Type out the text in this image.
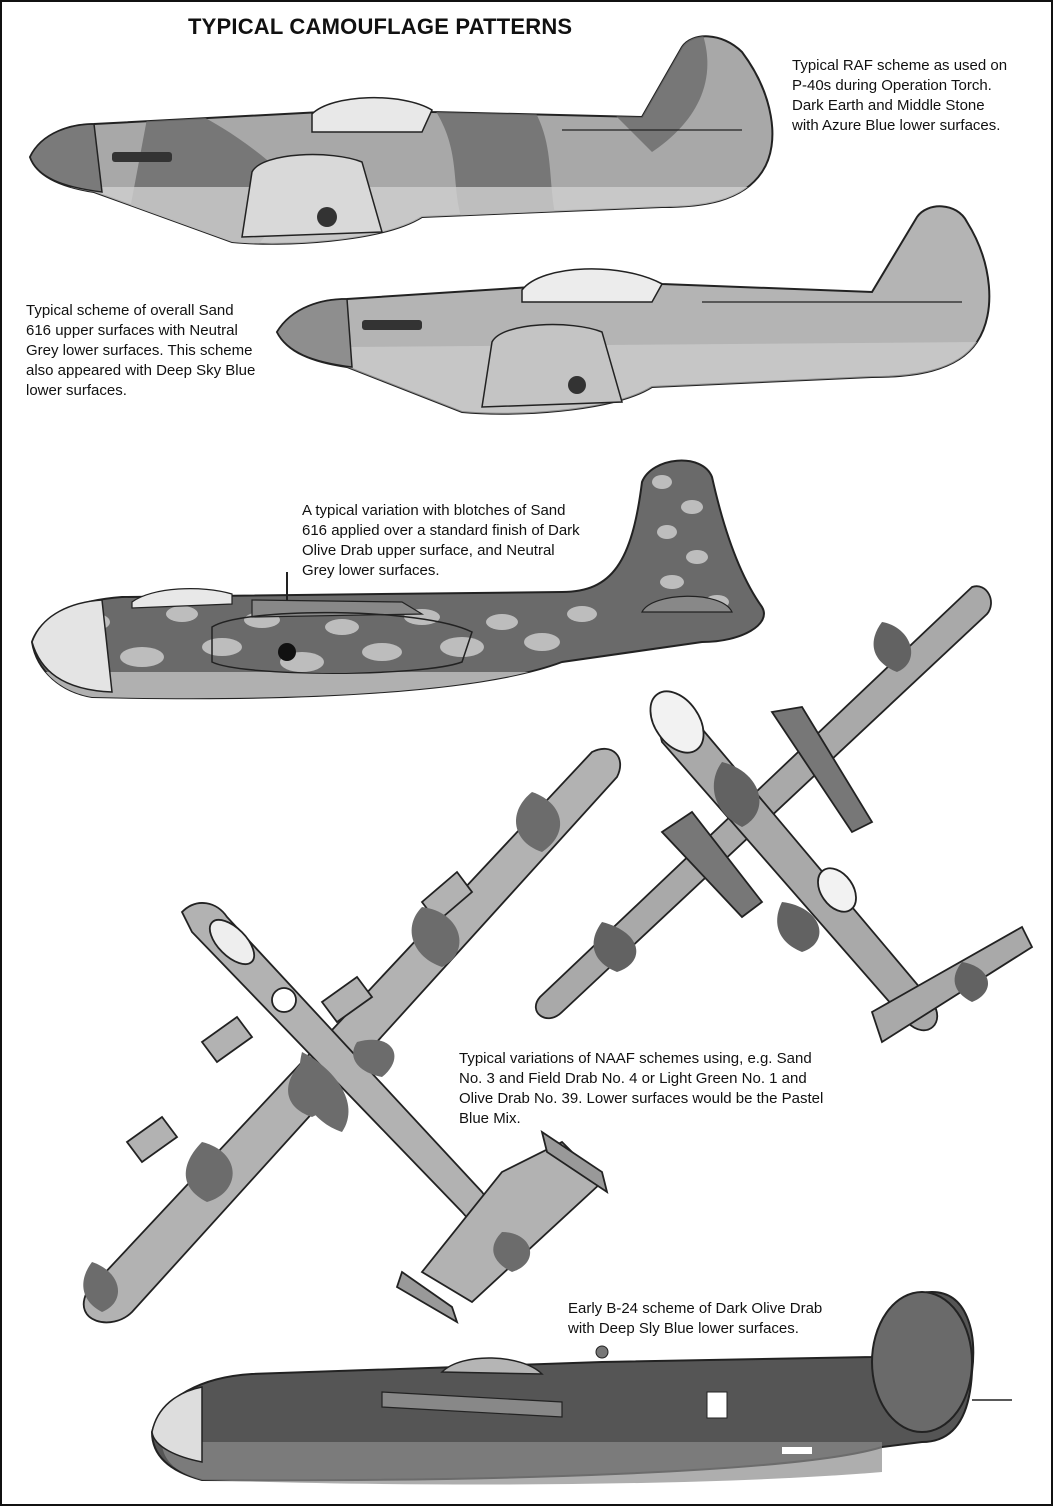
TYPICAL CAMOUFLAGE PATTERNS
Typical RAF scheme as used on
P-40s during Operation Torch.
Dark Earth and Middle Stone
with Azure Blue lower surfaces.
Typical scheme of overall Sand
616 upper surfaces with Neutral
Grey lower surfaces. This scheme
also appeared with Deep Sky Blue
lower surfaces.
A typical variation with blotches of Sand
616 applied over a standard finish of Dark
Olive Drab upper surface, and Neutral
Grey lower surfaces.
Typical variations of NAAF schemes using, e.g. Sand
No. 3 and Field Drab No. 4 or Light Green No. 1 and
Olive Drab No. 39. Lower surfaces would be the Pastel
Blue Mix.
Early B-24 scheme of Dark Olive Drab
with Deep Sly Blue lower surfaces.
